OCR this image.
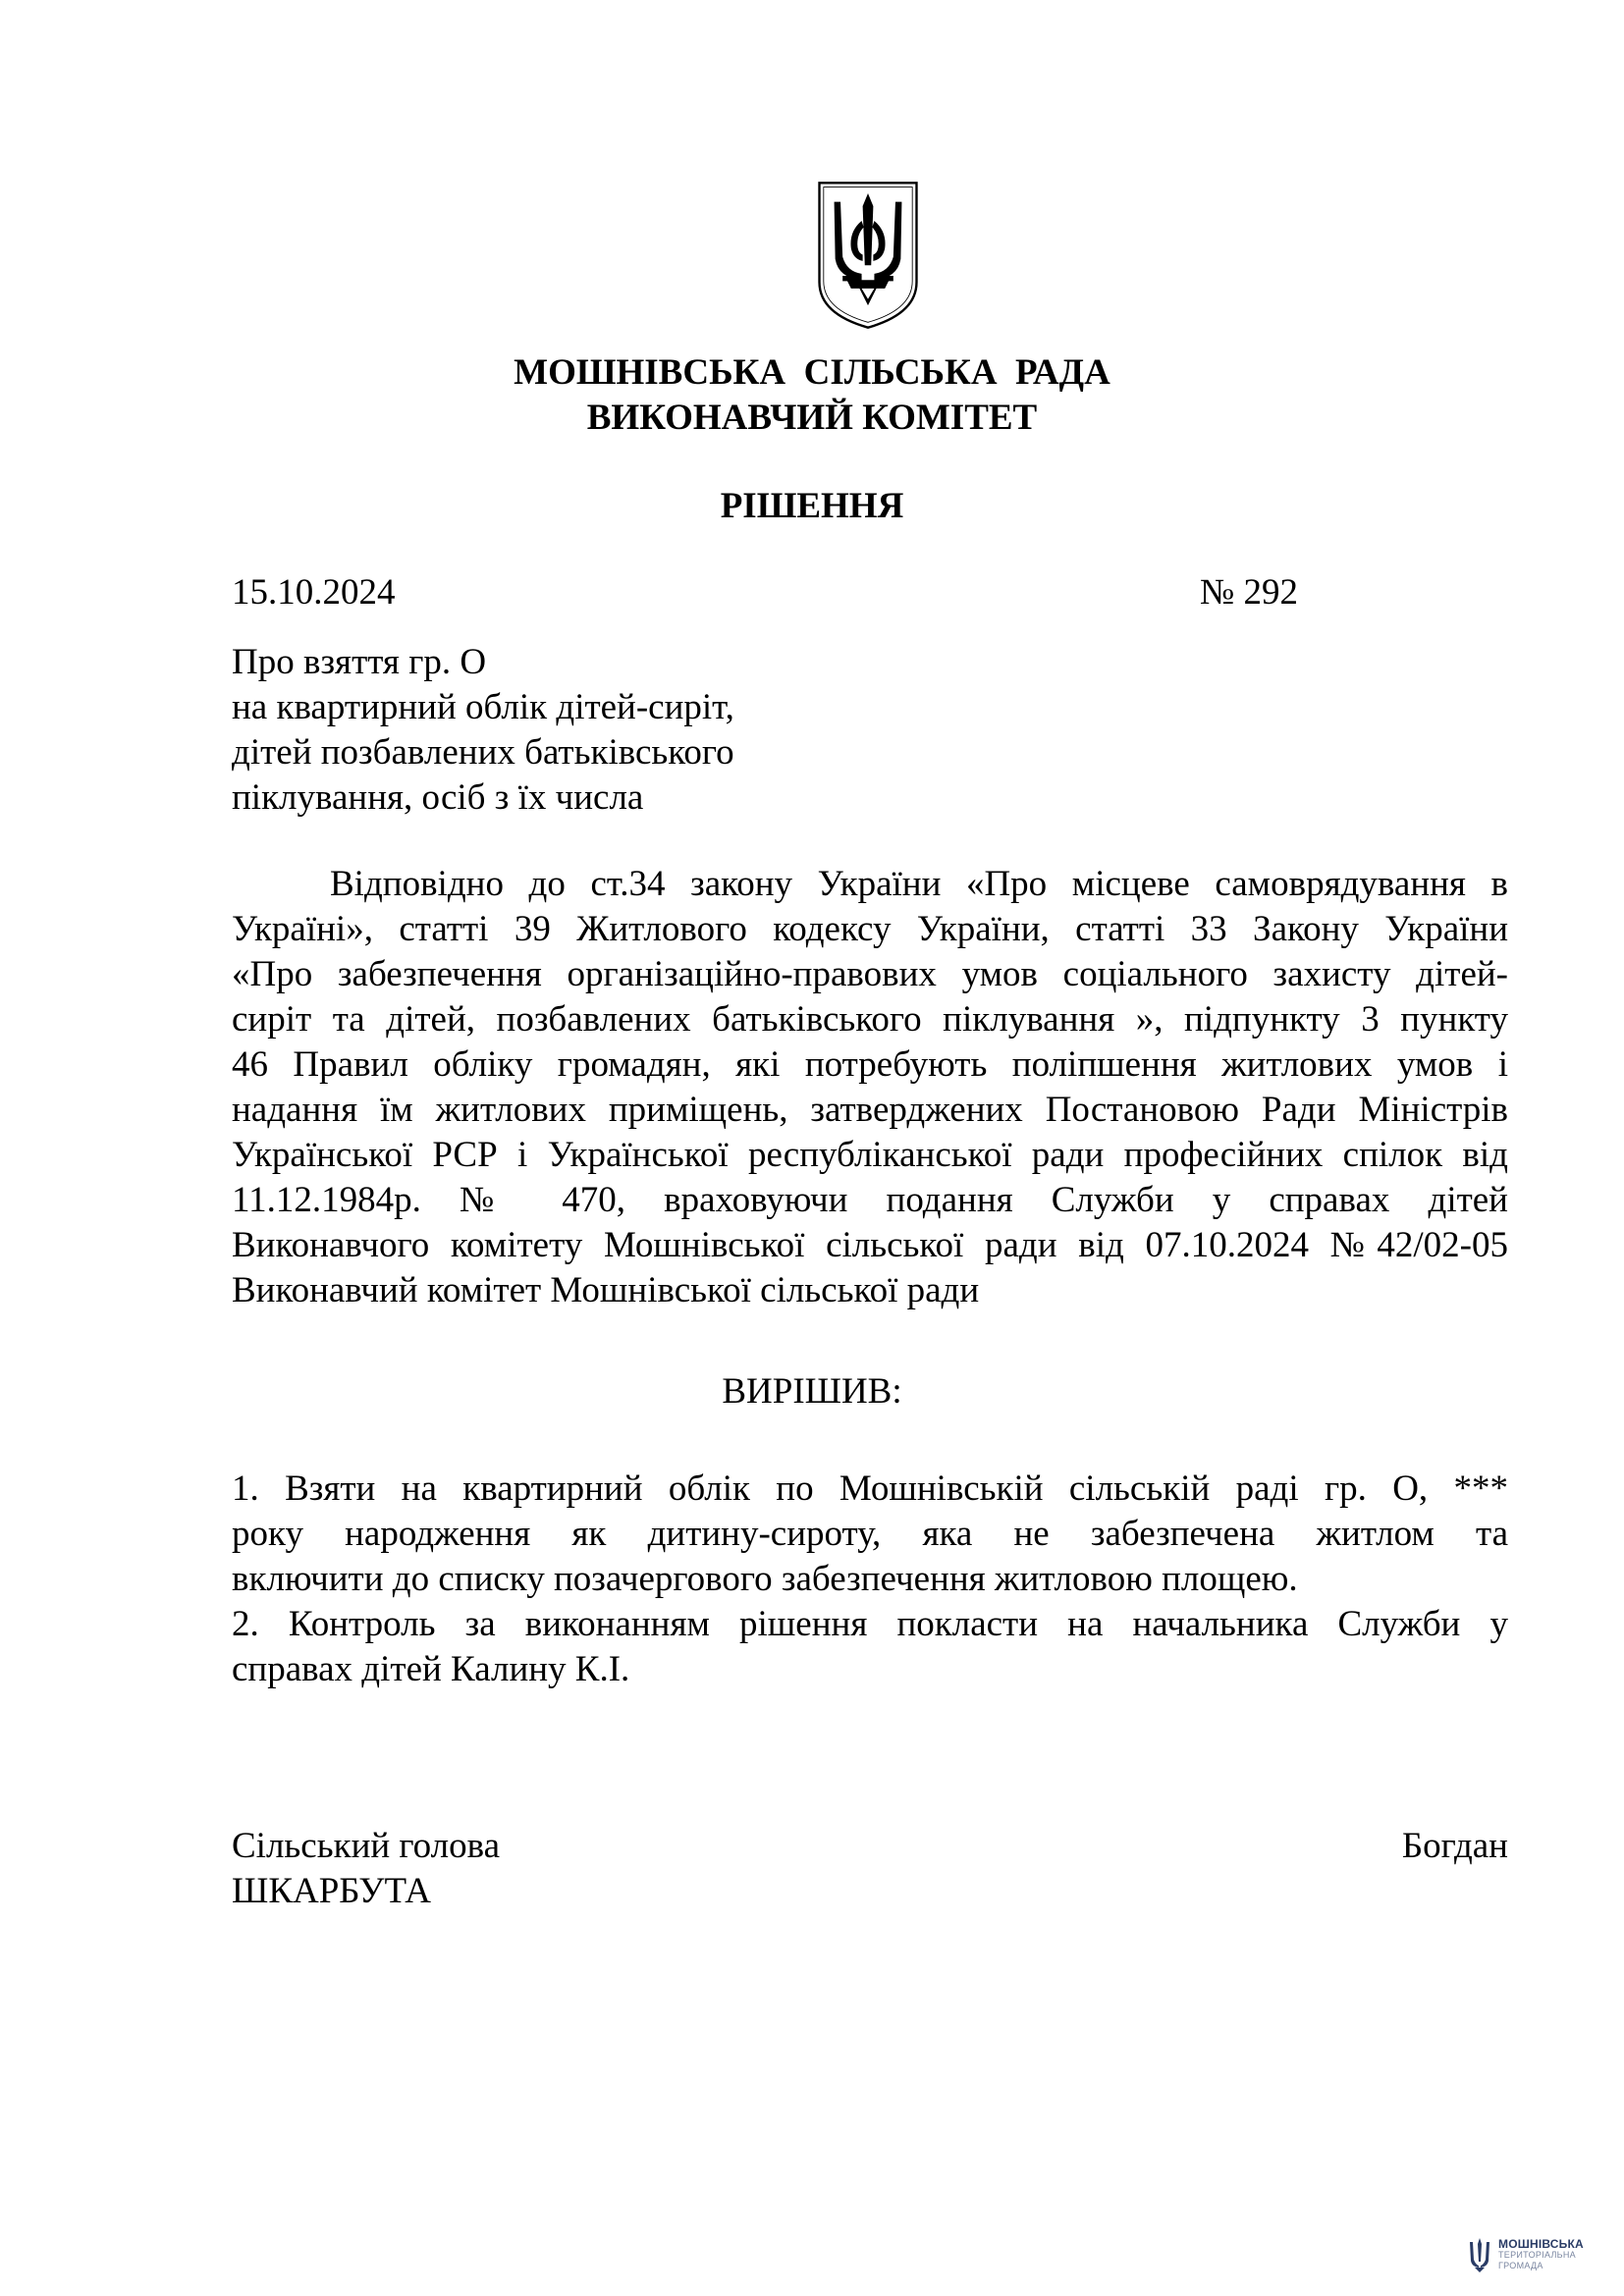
МОШНІВСЬКА  СІЛЬСЬКА  РАДА
ВИКОНАВЧИЙ КОМІТЕТ
РІШЕННЯ
15.10.2024	№ 292
Про взяття гр. О
на квартирний облік дітей-сиріт,
дітей позбавлених батьківського
піклування, осіб з їх числа
Відповідно до ст.34 закону України «Про місцеве самоврядування в
Україні», статті 39 Житлового кодексу України, статті 33 Закону України
«Про забезпечення організаційно-правових умов соціального захисту дітей-
сиріт та дітей, позбавлених батьківського піклування », підпункту 3 пункту
46 Правил обліку громадян, які потребують поліпшення житлових умов і
надання їм житлових приміщень, затверджених Постановою Ради Міністрів
Української РСР і Української республіканської ради професійних спілок від
11.12.1984р. № 470, враховуючи подання Служби у справах дітей
Виконавчого комітету Мошнівської сільської ради від 07.10.2024 №42/02-05
Виконавчий комітет Мошнівської сільської ради
ВИРІШИВ:
1. Взяти на квартирний облік по Мошнівській сільській раді гр. О, ***
року народження як дитину-сироту, яка не забезпечена житлом та
включити до списку позачергового забезпечення житловою площею.
2. Контроль за виконанням рішення покласти на начальника Служби у
справах дітей Калину К.І.
Сільський голова	Богдан
ШКАРБУТА
МОШНІВСЬКА
ТЕРИТОРІАЛЬНА
ГРОМАДА
